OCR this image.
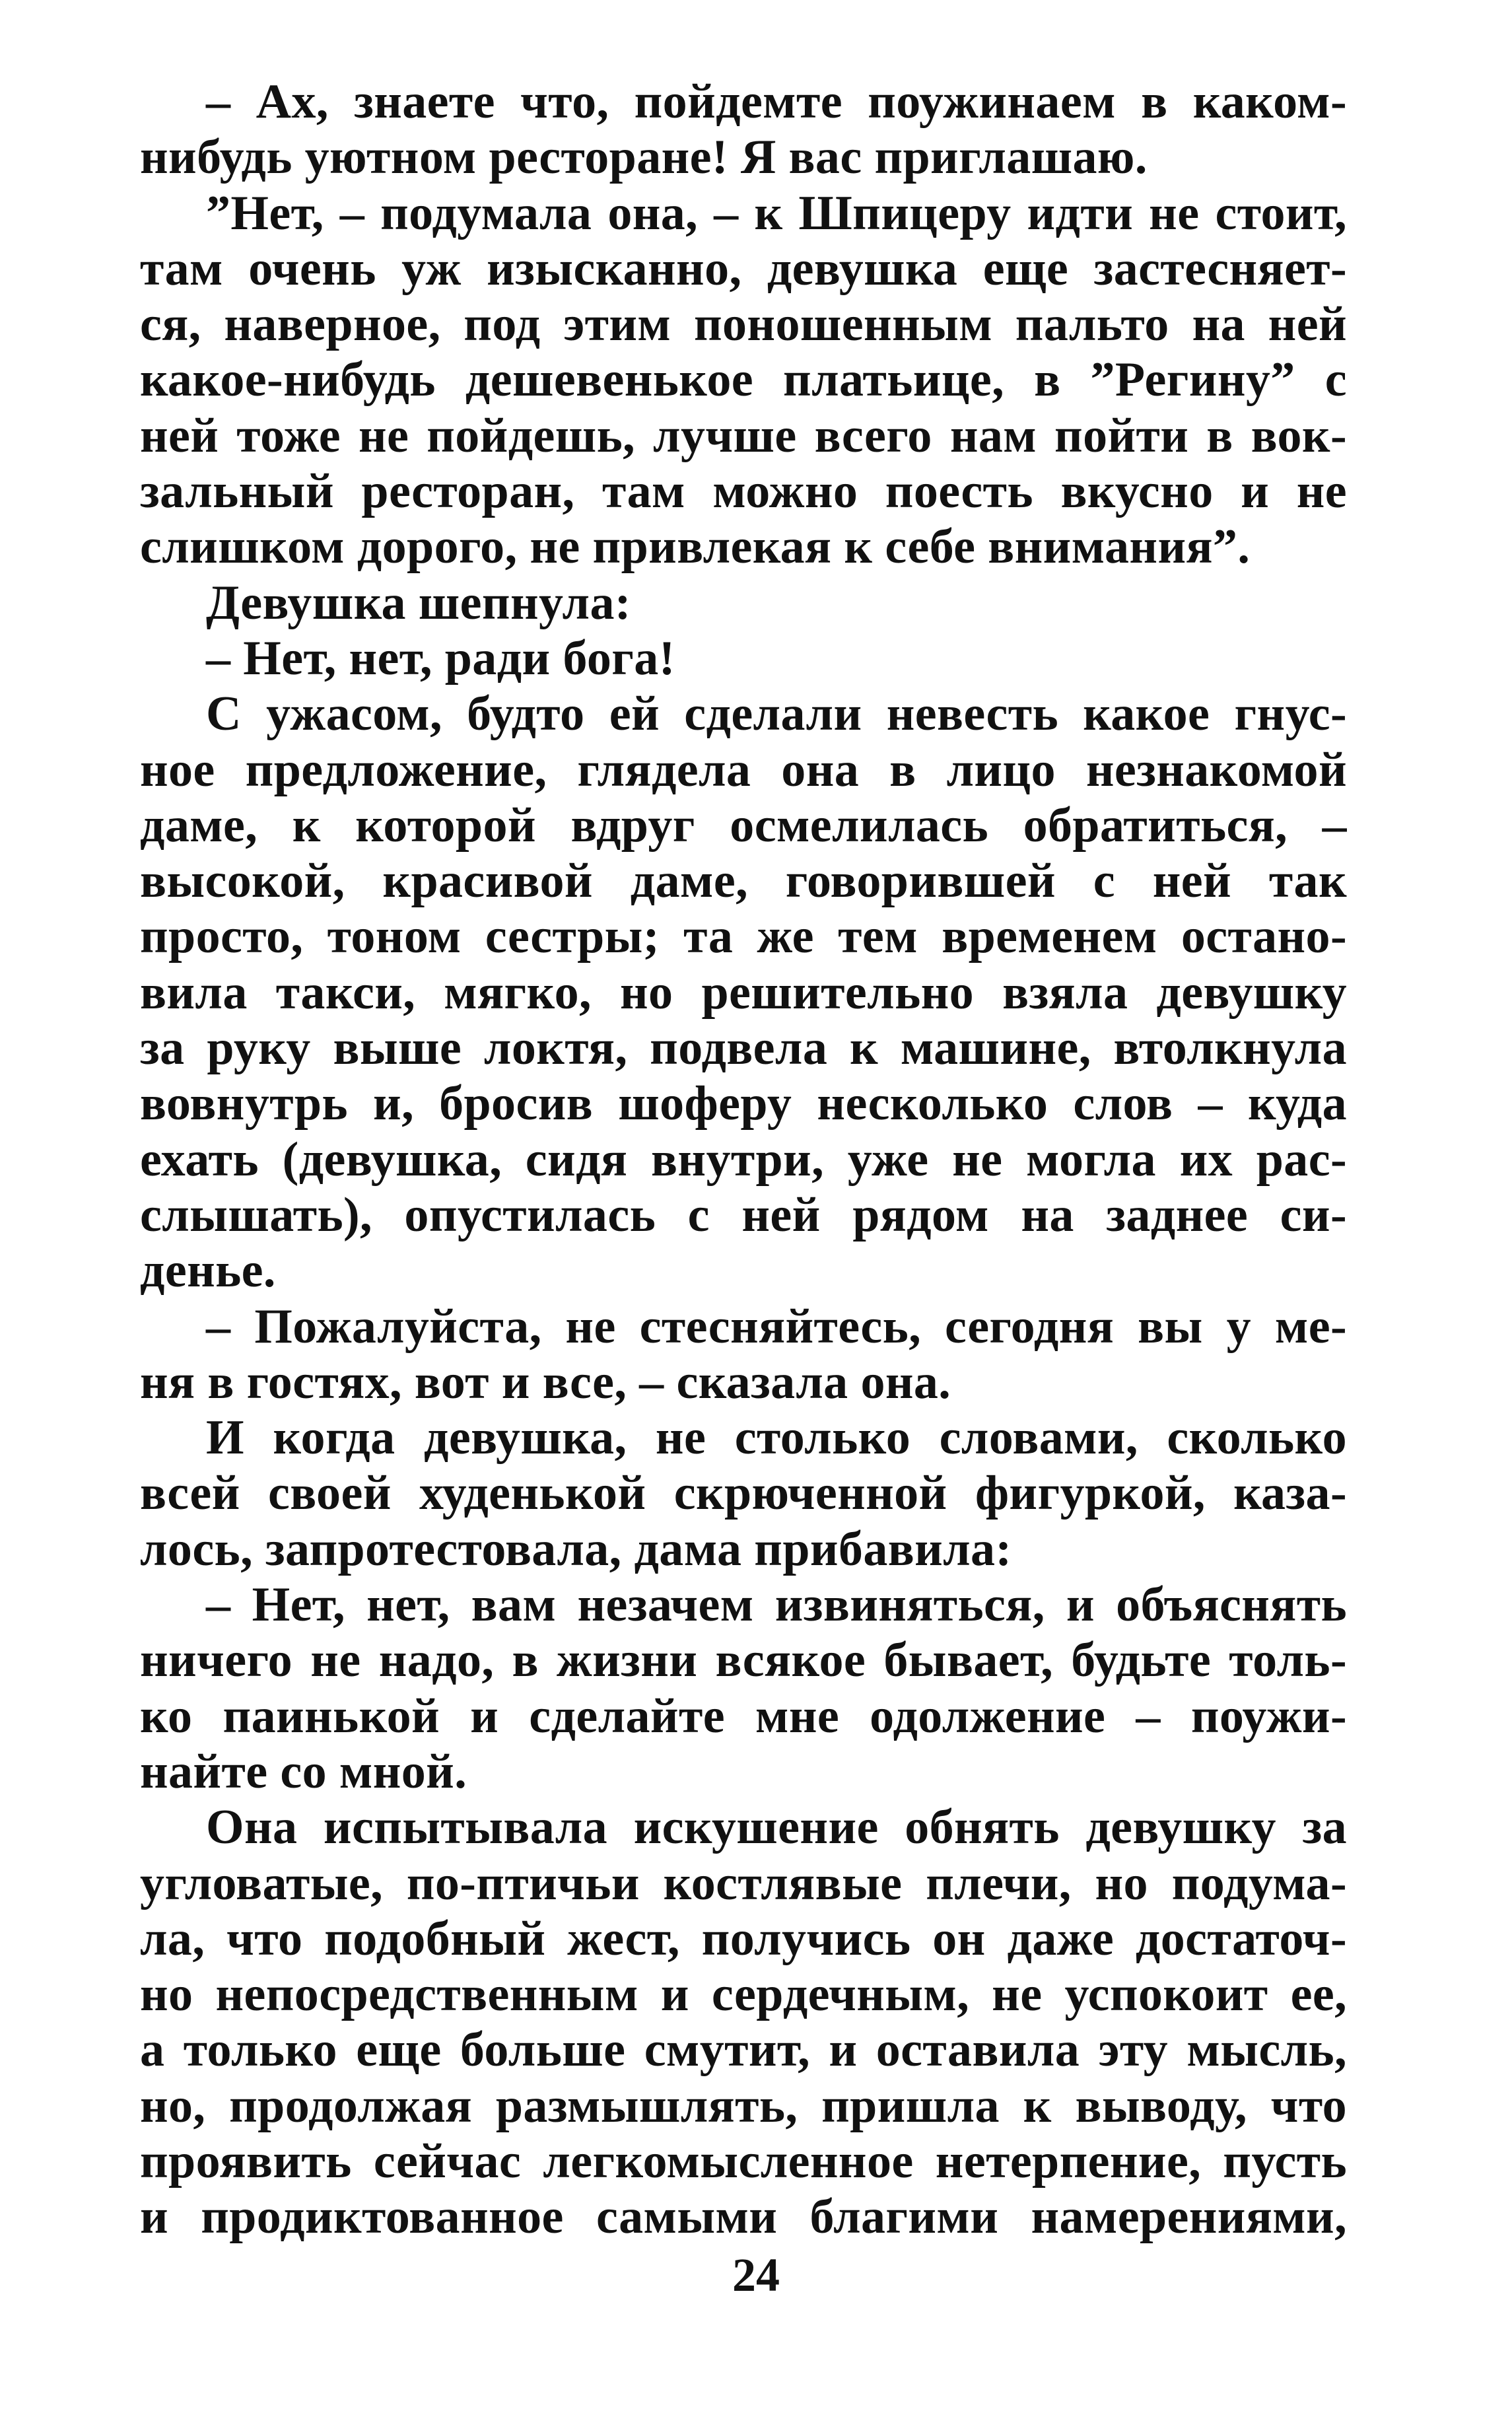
– Ах, знаете что, пойдемте поужинаем в каком-
нибудь уютном ресторане! Я вас приглашаю.
”Нет, – подумала она, – к Шпицеру идти не стоит,
там очень уж изысканно, девушка еще застесняет-
ся, наверное, под этим поношенным пальто на ней
какое-нибудь дешевенькое платьице, в ”Регину” с
ней тоже не пойдешь, лучше всего нам пойти в вок-
зальный ресторан, там можно поесть вкусно и не
слишком дорого, не привлекая к себе внимания”.
Девушка шепнула:
– Нет, нет, ради бога!
С ужасом, будто ей сделали невесть какое гнус-
ное предложение, глядела она в лицо незнакомой
даме, к которой вдруг осмелилась обратиться, –
высокой, красивой даме, говорившей с ней так
просто, тоном сестры; та же тем временем остано-
вила такси, мягко, но решительно взяла девушку
за руку выше локтя, подвела к машине, втолкнула
вовнутрь и, бросив шоферу несколько слов – куда
ехать (девушка, сидя внутри, уже не могла их рас-
слышать), опустилась с ней рядом на заднее си-
денье.
– Пожалуйста, не стесняйтесь, сегодня вы у ме-
ня в гостях, вот и все, – сказала она.
И когда девушка, не столько словами, сколько
всей своей худенькой скрюченной фигуркой, каза-
лось, запротестовала, дама прибавила:
– Нет, нет, вам незачем извиняться, и объяснять
ничего не надо, в жизни всякое бывает, будьте толь-
ко паинькой и сделайте мне одолжение – поужи-
найте со мной.
Она испытывала искушение обнять девушку за
угловатые, по-птичьи костлявые плечи, но подума-
ла, что подобный жест, получись он даже достаточ-
но непосредственным и сердечным, не успокоит ее,
а только еще больше смутит, и оставила эту мысль,
но, продолжая размышлять, пришла к выводу, что
проявить сейчас легкомысленное нетерпение, пусть
и продиктованное самыми благими намерениями,
24
